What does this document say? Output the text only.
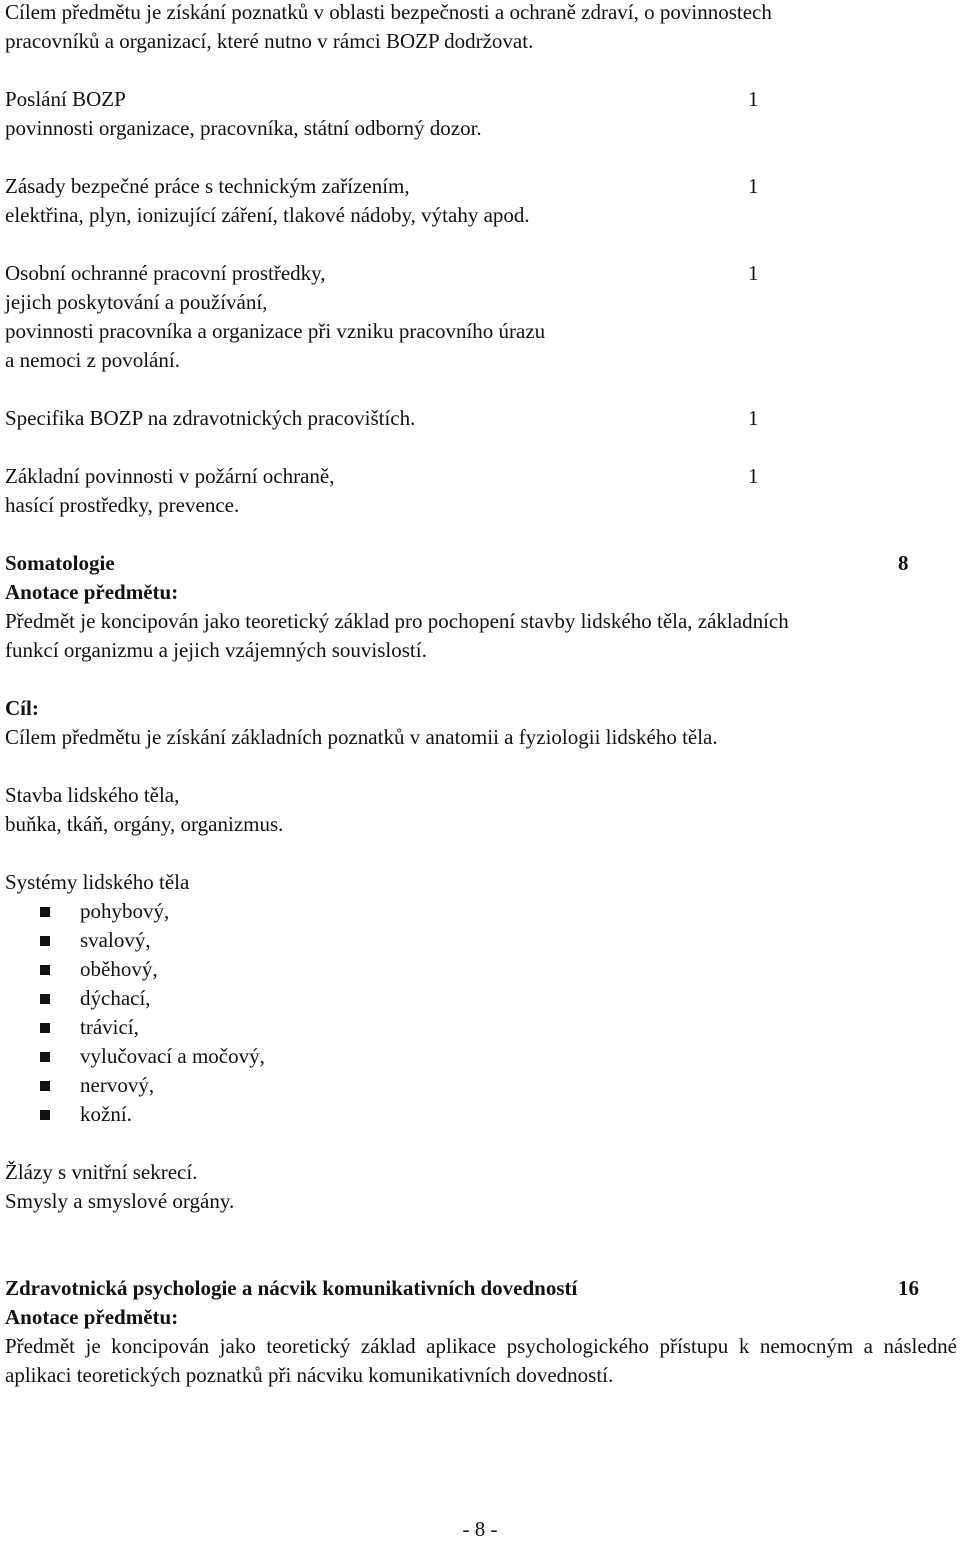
Cílem předmětu je získání poznatků v oblasti bezpečnosti a ochraně zdraví, o povinnostech

pracovníků a organizací, které nutno v rámci BOZP dodržovat.

Poslání BOZP	1

povinnosti organizace, pracovníka, státní odborný dozor.

Zásady bezpečné práce s technickým zařízením,	1

elektřina, plyn, ionizující záření, tlakové nádoby, výtahy apod.

Osobní ochranné pracovní prostředky,	1

jejich poskytování a používání,

povinnosti pracovníka a organizace při vzniku pracovního úrazu

a nemoci z povolání.

Specifika BOZP na zdravotnických pracovištích.	1

Základní povinnosti v požární ochraně,	1

hasící prostředky, prevence.

Somatologie	8

Anotace předmětu:

Předmět je koncipován jako teoretický základ pro pochopení stavby lidského těla, základních

funkcí organizmu a jejich vzájemných souvislostí.

Cíl:

Cílem předmětu je získání základních poznatků v anatomii a fyziologii lidského těla.

Stavba lidského těla,

buňka, tkáň, orgány, organizmus.

Systémy lidského těla

pohybový,
svalový,
oběhový,
dýchací,
trávicí,
vylučovací a močový,
nervový,
kožní.

Žlázy s vnitřní sekrecí.

Smysly a smyslové orgány.

Zdravotnická psychologie a nácvik komunikativních dovedností	16

Anotace předmětu:

Předmět je koncipován jako teoretický základ aplikace psychologického přístupu k nemocným a následné aplikaci teoretických poznatků při nácviku komunikativních dovedností.

- 8 -
